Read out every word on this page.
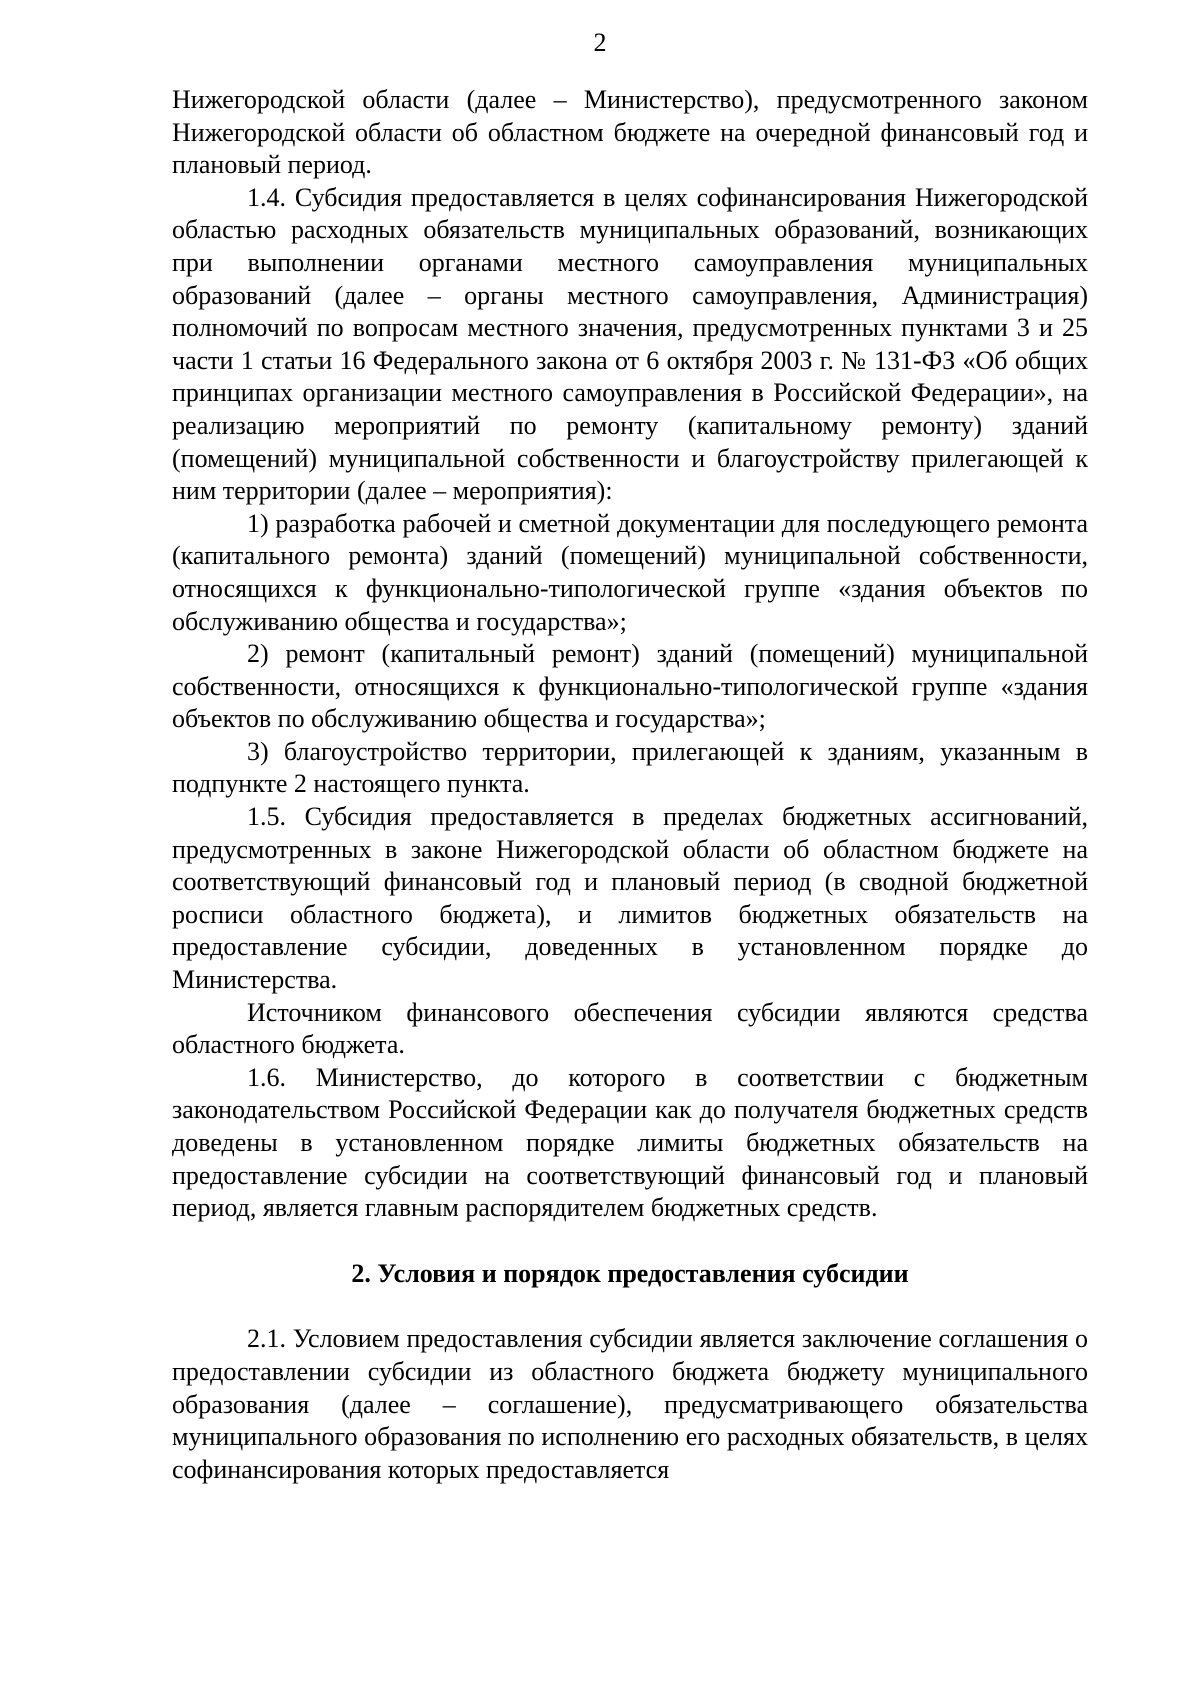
2

Нижегородской области (далее – Министерство), предусмотренного законом Нижегородской области об областном бюджете на очередной финансовый год и плановый период.

1.4. Субсидия предоставляется в целях софинансирования Нижегородской областью расходных обязательств муниципальных образований, возникающих при выполнении органами местного самоуправления муниципальных образований (далее – органы местного самоуправления, Администрация) полномочий по вопросам местного значения, предусмотренных пунктами 3 и 25 части 1 статьи 16 Федерального закона от 6 октября 2003 г. № 131-ФЗ «Об общих принципах организации местного самоуправления в Российской Федерации», на реализацию мероприятий по ремонту (капитальному ремонту) зданий (помещений) муниципальной собственности и благоустройству прилегающей к ним территории (далее – мероприятия):

1) разработка рабочей и сметной документации для последующего ремонта (капитального ремонта) зданий (помещений) муниципальной собственности, относящихся к функционально-типологической группе «здания объектов по обслуживанию общества и государства»;

2) ремонт (капитальный ремонт) зданий (помещений) муниципальной собственности, относящихся к функционально-типологической группе «здания объектов по обслуживанию общества и государства»;

3) благоустройство территории, прилегающей к зданиям, указанным в подпункте 2 настоящего пункта.

1.5. Субсидия предоставляется в пределах бюджетных ассигнований, предусмотренных в законе Нижегородской области об областном бюджете на соответствующий финансовый год и плановый период (в сводной бюджетной росписи областного бюджета), и лимитов бюджетных обязательств на предоставление субсидии, доведенных в установленном порядке до Министерства.

Источником финансового обеспечения субсидии являются средства областного бюджета.

1.6. Министерство, до которого в соответствии с бюджетным законодательством Российской Федерации как до получателя бюджетных средств доведены в установленном порядке лимиты бюджетных обязательств на предоставление субсидии на соответствующий финансовый год и плановый период, является главным распорядителем бюджетных средств.

2. Условия и порядок предоставления субсидии

2.1. Условием предоставления субсидии является заключение соглашения о предоставлении субсидии из областного бюджета бюджету муниципального образования (далее – соглашение), предусматривающего обязательства муниципального образования по исполнению его расходных обязательств, в целях софинансирования которых предоставляется
